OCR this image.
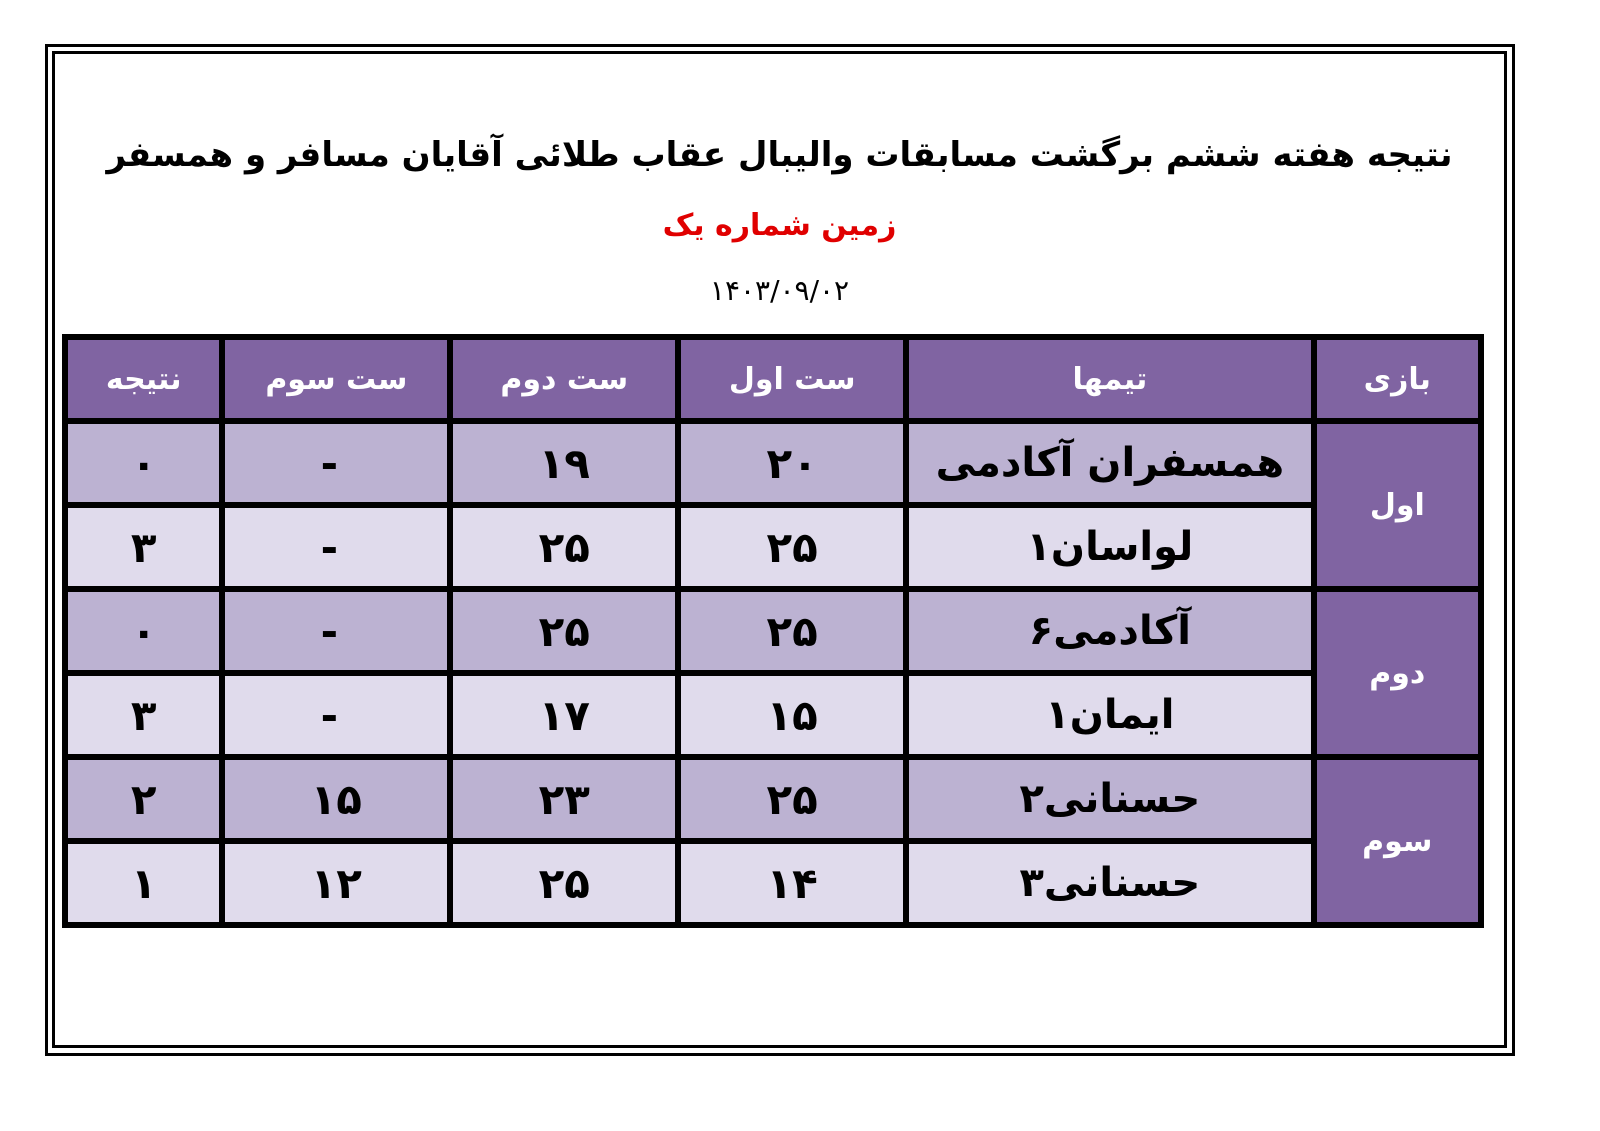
نتیجه هفته ششم برگشت مسابقات والیبال عقاب طلائی آقایان مسافر و همسفر
زمین شماره یک
۱۴۰۳/۰۹/۰۲
بازی	تیمها	ست اول	ست دوم	ست سوم	نتیجه
اول	همسفران آکادمی	۲۰	۱۹	-	۰
	لواسان۱	۲۵	۲۵	-	۳
دوم	آکادمی۶	۲۵	۲۵	-	۰
	ایمان۱	۱۵	۱۷	-	۳
سوم	حسنانی۲	۲۵	۲۳	۱۵	۲
	حسنانی۳	۱۴	۲۵	۱۲	۱
